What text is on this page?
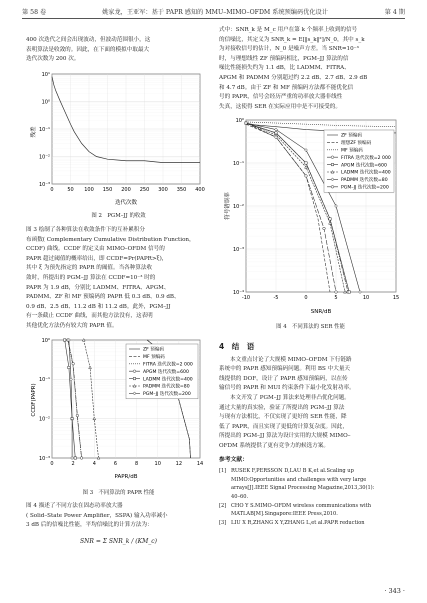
第 58 卷	姚家龙，王亚军：基于 PAPR 感知的 MMU–MIMO–OFDM 系统预编码优化设计	第 4 期
400 次迭代之间会出现波动，但波动范围很小，这
表明算法是收敛的。因此，在下面的模拟中取最大
迭代次数为 200 次。
10¹
10⁰
10⁻¹
10⁻²
10⁻³
0	50 100 150 200 250 300 350 400
残差
迭代次数

图 2　PGM–JJ 的收敛

图 3 绘制了各种算法在收敛条件下的互补累积分
布函数( Complementary Cumulative Distribution Function，
CCDF) 曲线。CCDF 的定义由 MIMO–OFDM 信号的
PAPR 超过阈值的概率给出，即 CCDF=Pr(PAPR>ξ)，
其中 ξ 为预先指定的 PAPR 的阈值。当各种算法收
敛时，所提出的 PGM–JJ 算法在 CCDF=10⁻³ 时的
PAPR 为 1.9 dB，分别比 LADMM、FITRA、APGM、
PADMM、ZF 和 MF 预编码的 PAPR 低 0.3 dB、0.9 dB、
0.9 dB、2.5 dB、11.2 dB 和 11.2 dB。此外，PGM–JJ
有一条截止 CCDF 曲线，而其他方法没有，这表明
其他优化方法仍有较大的 PAPR 值。
10⁰
10⁻¹
10⁻²
10⁻³
0	2	4	6	8	10	12	14
ZF 预编码
MF 预编码
FITRA 迭代次数=2 000
APGM 迭代次数=600
LADMM 迭代次数=400
PADMM 迭代次数=80
PGM–JJ 迭代次数=200
CCDF(PAPR)
PAPR/dB

图 3　不同算法的 PAPR 性能

图 4 描述了不同方法在固态功率放大器
( Solid–State Power Amplifier，SSPA) 输入功率减小
3 dB 后的信噪比性能，平均信噪比的计算方法为：
SNR = Σ SNR_k / (KM_c)
式中：SNR_k 是 M_c 用户在第 k 个频率上收到的信号
的信噪比，其定义为 SNR_k = E[‖s_k‖²]/N_0，其中 s_k
为对接收信号的估计，N_0 是噪声方差。当 SNR=10⁻³
时，与理想线性 ZF 预编码相比，PGM–JJ 算法的信
噪比性能损失约为 1.1 dB，比 LADMM、FITRA、
APGM 和 PADMM 分别超过约 2.2 dB、2.7 dB、2.9 dB
和 4.7 dB。由于 ZF 和 MF 预编码方法都不能优化信
号的 PAPR，信号会经历严重的功率放大器非线性
失真，这使得 SER 在实际应用中是不可接受的。
10⁰
10⁻¹
10⁻²
10⁻³
10⁻⁴
-10	-5	0	5	10	15
ZF 预编码
理想ZF 预编码
MF 预编码
FITRA 迭代次数=2 000
APGM 迭代次数=600
LADMM 迭代次数=400
PADMM 迭代次数=80
PGM–JJ 迭代次数=200
符号错误率
SNR/dB

图 4　不同算法的 SER 性能

4　结　语
本文重点讨论了大规模 MIMO–OFDM 下行链路
系统中的 PAPR 感知预编码问题。利用 BS 中大量天
线提供的 DOF，设计了 PAPR 感知预编码，以在传
输信号的 PAPR 和 MUI 约束条件下最小化发射功率。
本文开发了 PGM–JJ 算法来处理非凸优化问题。
通过大量的真实验，验证了所提出的 PGM–JJ 算法
与现有方法相比，不仅实现了更好的 SER 性能，降
低了 PAPR，而且实现了更低的计算复杂度。因此，
所提出的 PGM–JJ 算法为设计实用的大规模 MIMO–
OFDM 系统提供了更有竞争力的候选方案。
参考文献：
[1] RUSEK F,PERSSON D,LAU B K,et al.Scaling up
MIMO:Opportunities and challenges with very large
arrays[J].IEEE Signal Processing Magazine,2013,30(1):
40–60.
[2] CHO Y S.MIMO–OFDM wireless communications with
MATLAB[M].Singapore:IEEE Press,2010.
[3] LIU X R,ZHANG X Y,ZHANG L,et al.PAPR reduction
· 343 ·
